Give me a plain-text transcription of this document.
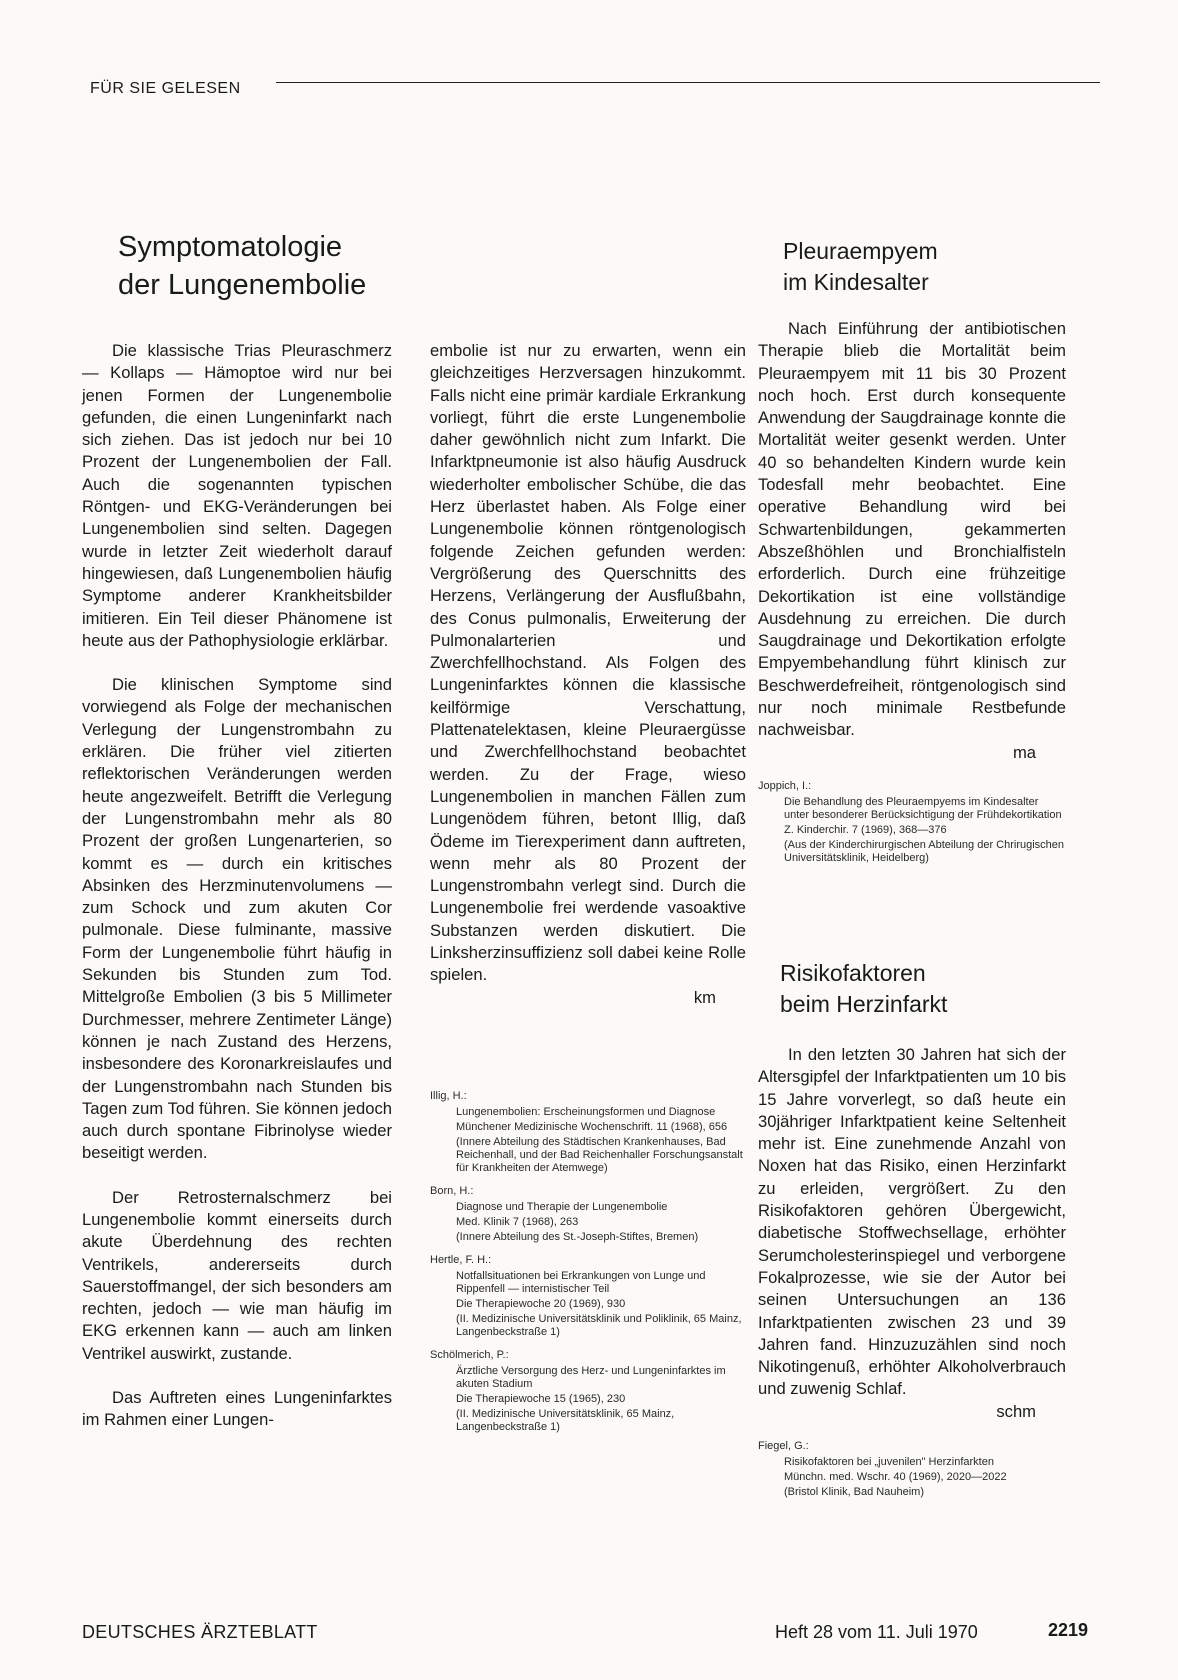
FÜR SIE GELESEN
Symptomatologie
der Lungenembolie

Die klassische Trias Pleuraschmerz — Kollaps — Hämoptoe wird nur bei jenen Formen der Lungenembolie gefunden, die einen Lungeninfarkt nach sich ziehen. Das ist jedoch nur bei 10 Prozent der Lungenembolien der Fall. Auch die sogenannten typischen Röntgen- und EKG-Veränderungen bei Lungenembolien sind selten. Dagegen wurde in letzter Zeit wiederholt darauf hingewiesen, daß Lungenembolien häufig Symptome anderer Krankheitsbilder imitieren. Ein Teil dieser Phänomene ist heute aus der Pathophysiologie erklärbar.

Die klinischen Symptome sind vorwiegend als Folge der mechanischen Verlegung der Lungenstrombahn zu erklären. Die früher viel zitierten reflektorischen Veränderungen werden heute angezweifelt. Betrifft die Verlegung der Lungenstrombahn mehr als 80 Prozent der großen Lungenarterien, so kommt es — durch ein kritisches Absinken des Herzminutenvolumens — zum Schock und zum akuten Cor pulmonale. Diese fulminante, massive Form der Lungenembolie führt häufig in Sekunden bis Stunden zum Tod. Mittelgroße Embolien (3 bis 5 Millimeter Durchmesser, mehrere Zentimeter Länge) können je nach Zustand des Herzens, insbesondere des Koronarkreislaufes und der Lungenstrombahn nach Stunden bis Tagen zum Tod führen. Sie können jedoch auch durch spontane Fibrinolyse wieder beseitigt werden.

Der Retrosternalschmerz bei Lungenembolie kommt einerseits durch akute Überdehnung des rechten Ventrikels, andererseits durch Sauerstoffmangel, der sich besonders am rechten, jedoch — wie man häufig im EKG erkennen kann — auch am linken Ventrikel auswirkt, zustande.

Das Auftreten eines Lungeninfarktes im Rahmen einer Lungen-

embolie ist nur zu erwarten, wenn ein gleichzeitiges Herzversagen hinzukommt. Falls nicht eine primär kardiale Erkrankung vorliegt, führt die erste Lungenembolie daher gewöhnlich nicht zum Infarkt. Die Infarktpneumonie ist also häufig Ausdruck wiederholter embolischer Schübe, die das Herz überlastet haben. Als Folge einer Lungenembolie können röntgenologisch folgende Zeichen gefunden werden: Vergrößerung des Querschnitts des Herzens, Verlängerung der Ausflußbahn, des Conus pulmonalis, Erweiterung der Pulmonalarterien und Zwerchfellhochstand. Als Folgen des Lungeninfarktes können die klassische keilförmige Verschattung, Plattenatelektasen, kleine Pleuraergüsse und Zwerchfellhochstand beobachtet werden. Zu der Frage, wieso Lungenembolien in manchen Fällen zum Lungenödem führen, betont Illig, daß Ödeme im Tierexperiment dann auftreten, wenn mehr als 80 Prozent der Lungenstrombahn verlegt sind. Durch die Lungenembolie frei werdende vasoaktive Substanzen werden diskutiert. Die Linksherzinsuffizienz soll dabei keine Rolle spielen.
km
Illig, H.:
Lungenembolien: Erscheinungsformen und Diagnose
Münchener Medizinische Wochenschrift. 11 (1968), 656
(Innere Abteilung des Städtischen Krankenhauses, Bad Reichenhall, und der Bad Reichenhaller Forschungsanstalt für Krankheiten der Atemwege)
Born, H.:
Diagnose und Therapie der Lungenembolie
Med. Klinik 7 (1968), 263
(Innere Abteilung des St.-Joseph-Stiftes, Bremen)
Hertle, F. H.:
Notfallsituationen bei Erkrankungen von Lunge und Rippenfell — internistischer Teil
Die Therapiewoche 20 (1969), 930
(II. Medizinische Universitätsklinik und Poliklinik, 65 Mainz, Langenbeckstraße 1)
Schölmerich, P.:
Ärztliche Versorgung des Herz- und Lungeninfarktes im akuten Stadium
Die Therapiewoche 15 (1965), 230
(II. Medizinische Universitätsklinik, 65 Mainz, Langenbeckstraße 1)
Pleuraempyem
im Kindesalter

Nach Einführung der antibiotischen Therapie blieb die Mortalität beim Pleuraempyem mit 11 bis 30 Prozent noch hoch. Erst durch konsequente Anwendung der Saugdrainage konnte die Mortalität weiter gesenkt werden. Unter 40 so behandelten Kindern wurde kein Todesfall mehr beobachtet. Eine operative Behandlung wird bei Schwartenbildungen, gekammerten Abszeßhöhlen und Bronchialfisteln erforderlich. Durch eine frühzeitige Dekortikation ist eine vollständige Ausdehnung zu erreichen. Die durch Saugdrainage und Dekortikation erfolgte Empyembehandlung führt klinisch zur Beschwerdefreiheit, röntgenologisch sind nur noch minimale Restbefunde nachweisbar.

ma
Joppich, I.:
Die Behandlung des Pleuraempyems im Kindesalter unter besonderer Berücksichtigung der Frühdekortikation
Z. Kinderchir. 7 (1969), 368—376
(Aus der Kinderchirurgischen Abteilung der Chrirugischen Universitätsklinik, Heidelberg)
Risikofaktoren
beim Herzinfarkt

In den letzten 30 Jahren hat sich der Altersgipfel der Infarktpatienten um 10 bis 15 Jahre vorverlegt, so daß heute ein 30jähriger Infarktpatient keine Seltenheit mehr ist. Eine zunehmende Anzahl von Noxen hat das Risiko, einen Herzinfarkt zu erleiden, vergrößert. Zu den Risikofaktoren gehören Übergewicht, diabetische Stoffwechsellage, erhöhter Serumcholesterinspiegel und verborgene Fokalprozesse, wie sie der Autor bei seinen Untersuchungen an 136 Infarktpatienten zwischen 23 und 39 Jahren fand. Hinzuzuzählen sind noch Nikotingenuß, erhöhter Alkoholverbrauch und zuwenig Schlaf.

schm
Fiegel, G.:
Risikofaktoren bei „juvenilen" Herzinfarkten
Münchn. med. Wschr. 40 (1969), 2020—2022
(Bristol Klinik, Bad Nauheim)
DEUTSCHES ÄRZTEBLATT	Heft 28 vom 11. Juli 1970	2219
